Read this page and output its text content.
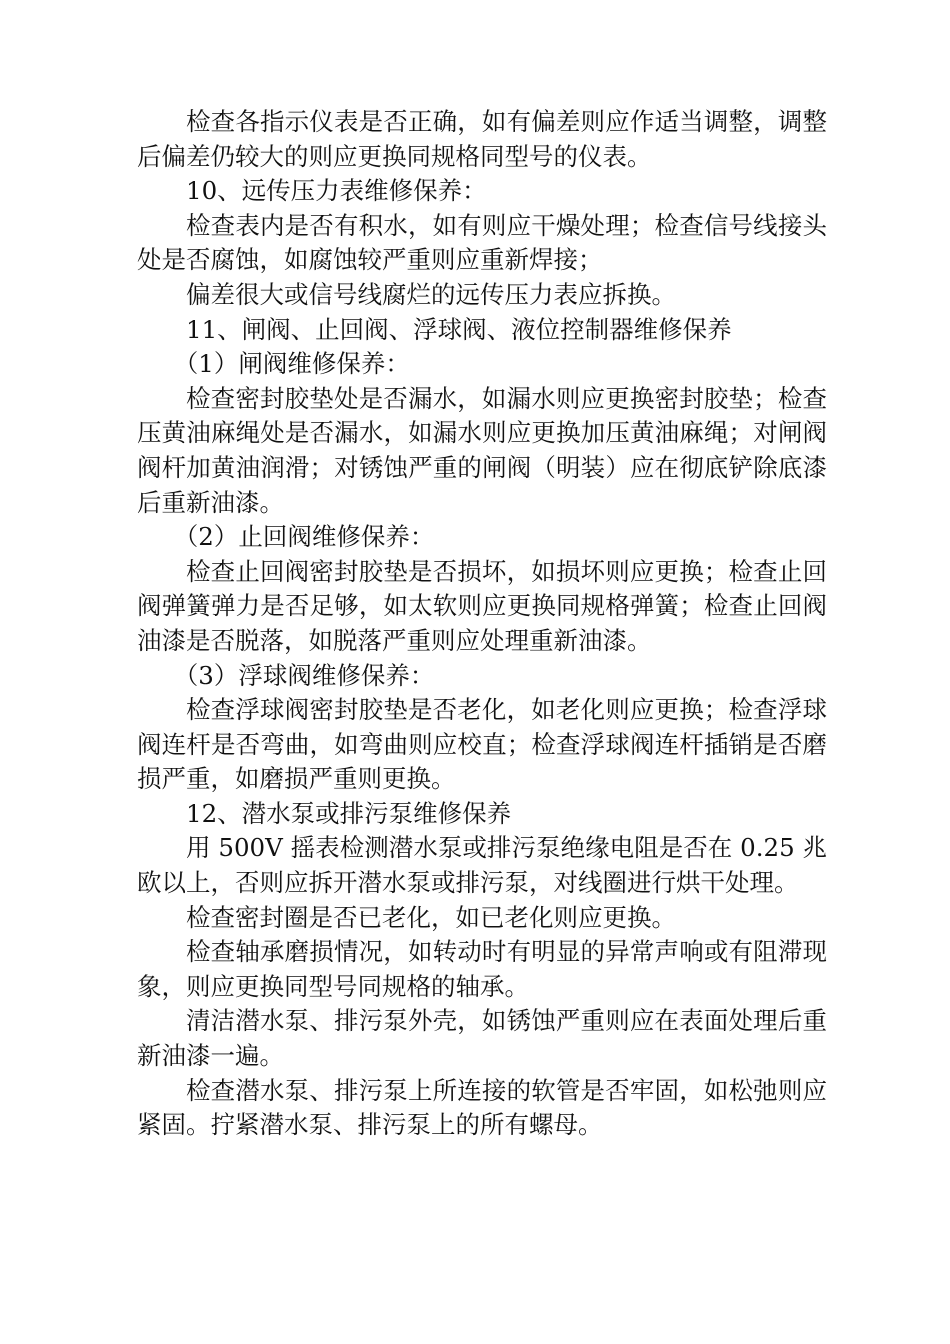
检查各指示仪表是否正确，如有偏差则应作适当调整，调整后偏差仍较大的则应更换同规格同型号的仪表。

10、远传压力表维修保养：

检查表内是否有积水，如有则应干燥处理；检查信号线接头处是否腐蚀，如腐蚀较严重则应重新焊接；

偏差很大或信号线腐烂的远传压力表应拆换。

11、闸阀、止回阀、浮球阀、液位控制器维修保养

（1）闸阀维修保养：

检查密封胶垫处是否漏水，如漏水则应更换密封胶垫；检查压黄油麻绳处是否漏水，如漏水则应更换加压黄油麻绳；对闸阀阀杆加黄油润滑；对锈蚀严重的闸阀（明装）应在彻底铲除底漆后重新油漆。

（2）止回阀维修保养：

检查止回阀密封胶垫是否损坏，如损坏则应更换；检查止回阀弹簧弹力是否足够，如太软则应更换同规格弹簧；检查止回阀油漆是否脱落，如脱落严重则应处理重新油漆。

（3）浮球阀维修保养：

检查浮球阀密封胶垫是否老化，如老化则应更换；检查浮球阀连杆是否弯曲，如弯曲则应校直；检查浮球阀连杆插销是否磨损严重，如磨损严重则更换。

12、潜水泵或排污泵维修保养

用 500V 摇表检测潜水泵或排污泵绝缘电阻是否在 0.25 兆欧以上，否则应拆开潜水泵或排污泵，对线圈进行烘干处理。

检查密封圈是否已老化，如已老化则应更换。

检查轴承磨损情况，如转动时有明显的异常声响或有阻滞现象，则应更换同型号同规格的轴承。

清洁潜水泵、排污泵外壳，如锈蚀严重则应在表面处理后重新油漆一遍。

检查潜水泵、排污泵上所连接的软管是否牢固，如松弛则应紧固。拧紧潜水泵、排污泵上的所有螺母。
